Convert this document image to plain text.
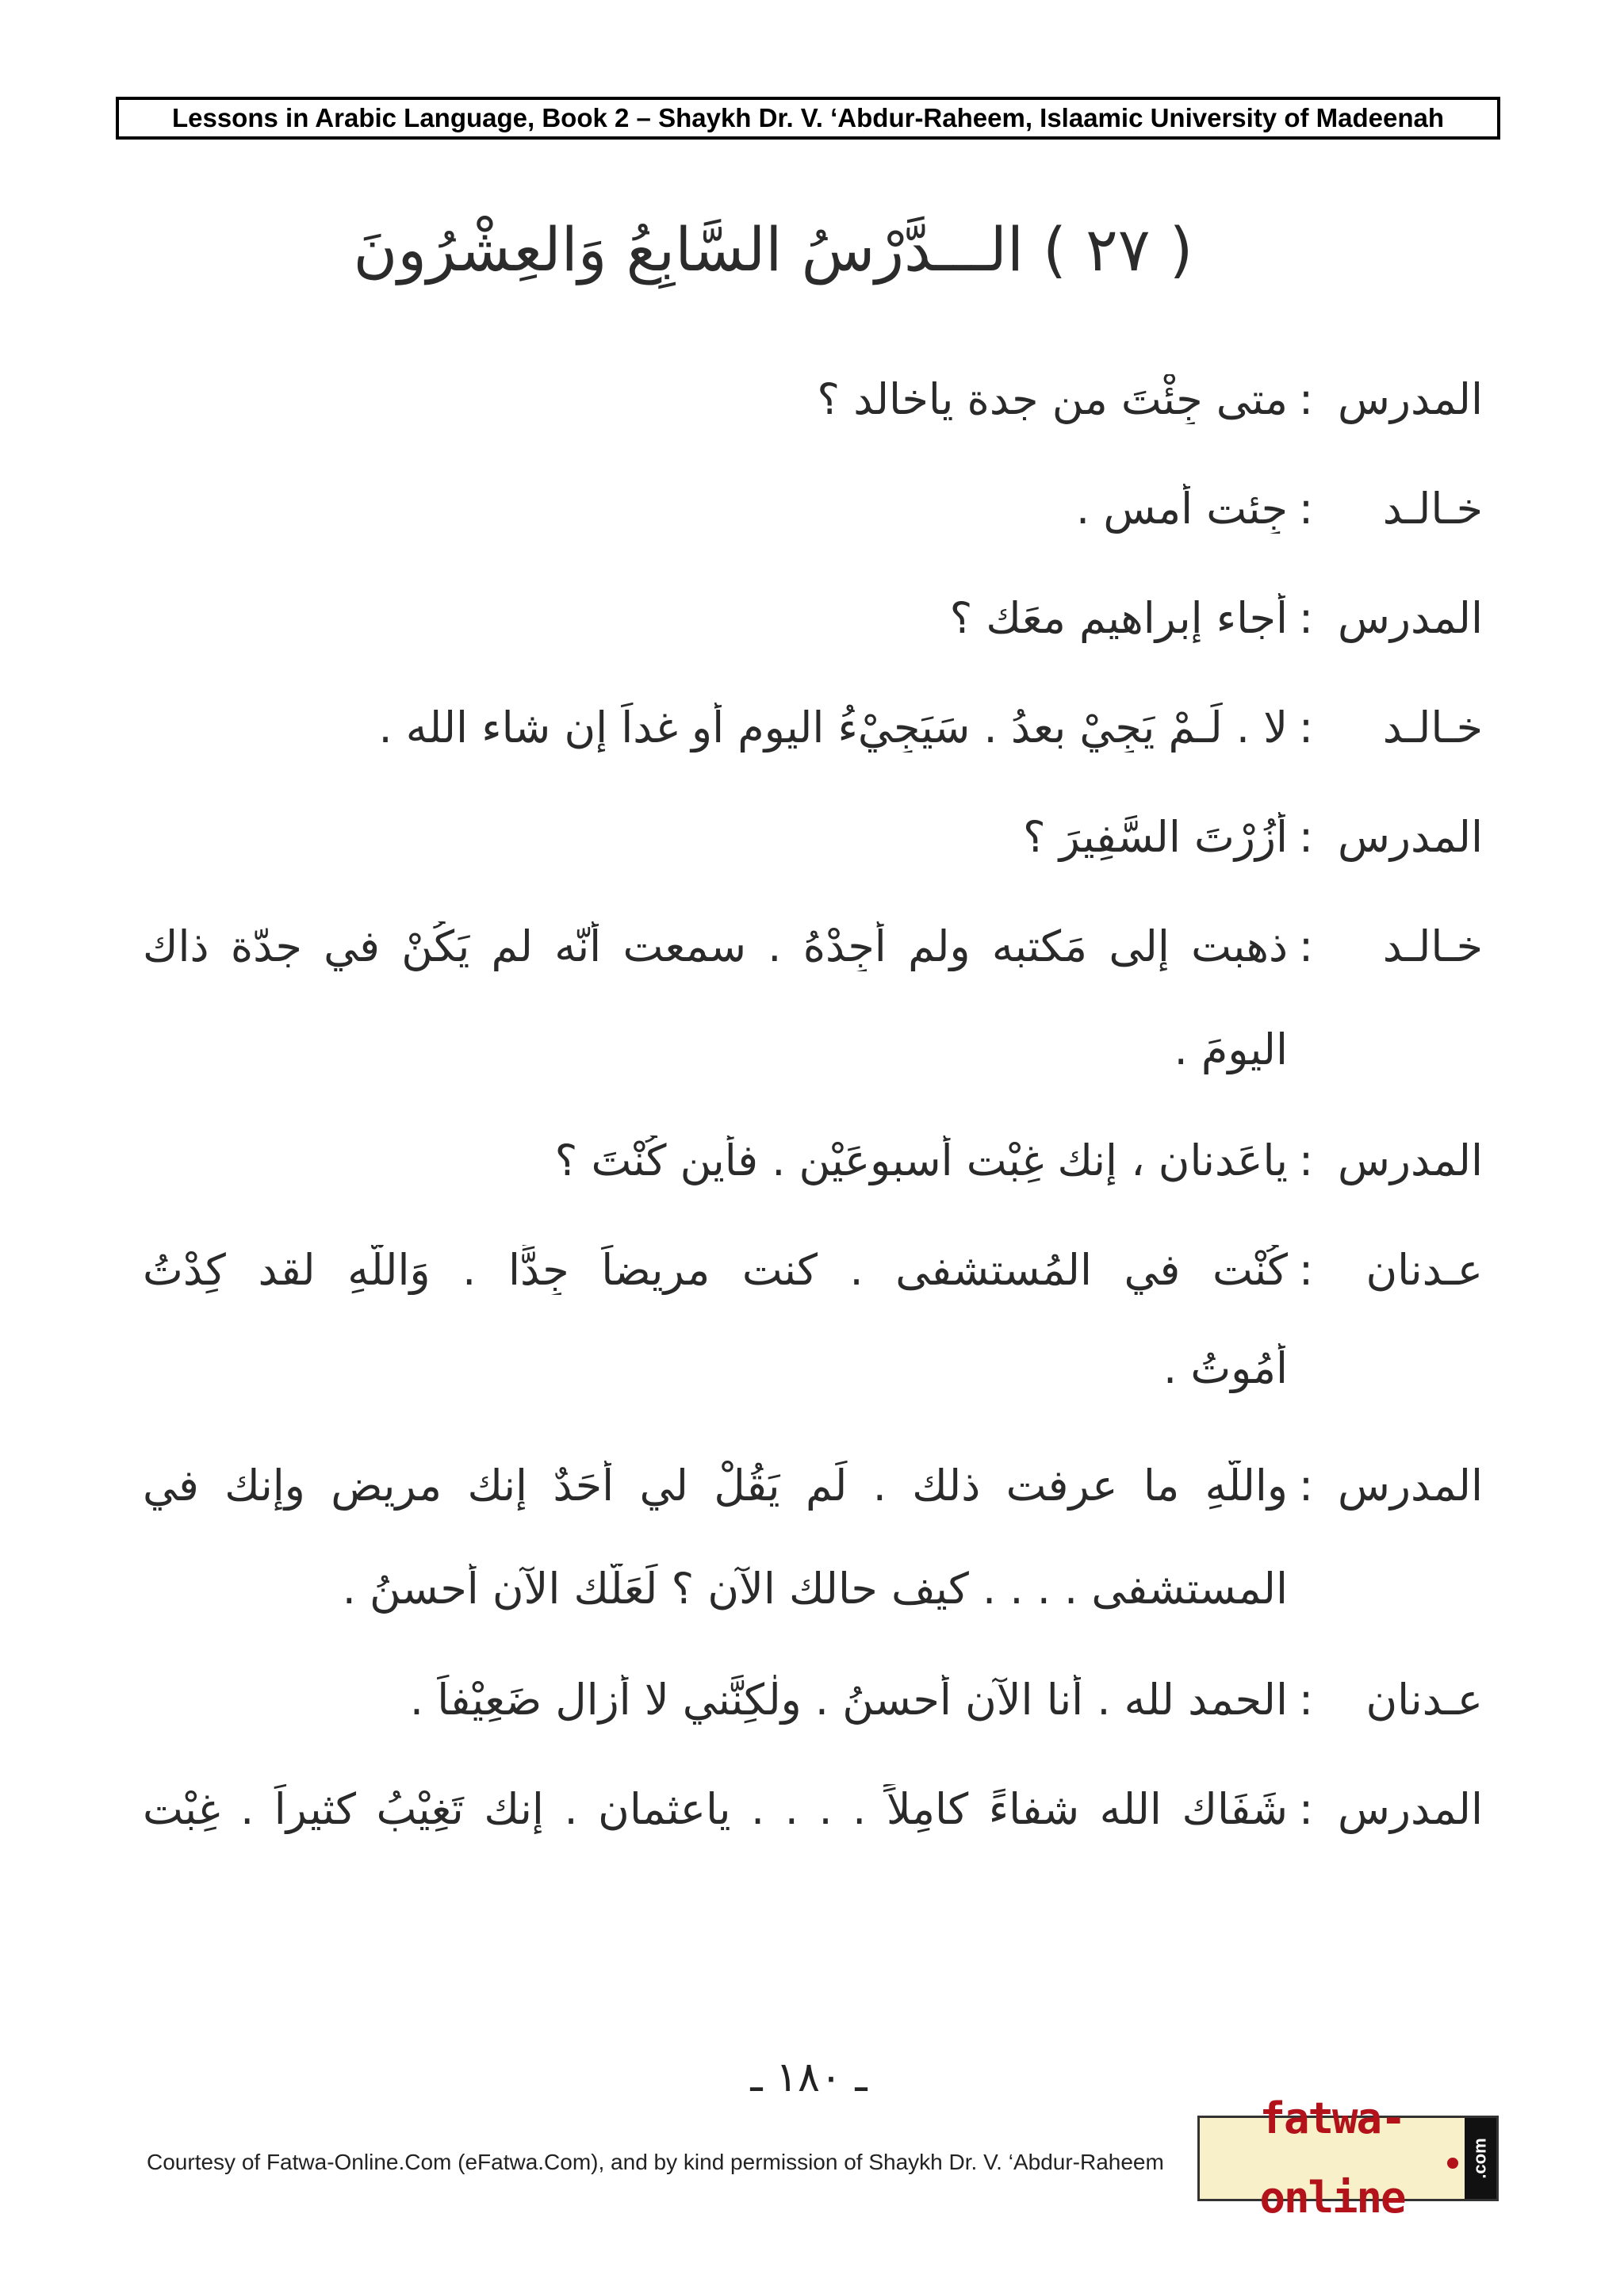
Lessons in Arabic Language, Book 2 – Shaykh Dr. V. ‘Abdur-Raheem, Islaamic University of Madeenah
( ٢٧ ) الـــدَّرْسُ السَّابِعُ وَالعِشْرُونَ
المدرس
:
متى جِئْتَ من جدة ياخالد ؟
خـالـد
:
جِئت أمس .
المدرس
:
أجاء إبراهيم معَك ؟
خـالـد
:
لا . لَـمْ يَجِيْ بعدُ . سَيَجِيْءُ اليوم أو غداً إن شاء الله .
المدرس
:
أزُرْتَ السَّفِيرَ ؟
خـالـد
:
ذهبت إلى مَكتبه ولم أَجِدْهُ . سمعت أنّه لم يَكُنْ في جدّة ذاك
اليومَ .
المدرس
:
ياعَدنان ، إنك غِبْت أُسبوعَيْن . فأين كُنْتَ ؟
عـدنان
:
كُنْت في المُستشفى . كنت مريضاً جِدًّا . وَاللّهِ لقد كِدْتُ
أَمُوتُ .
المدرس
:
واللّهِ ما عرفت ذلك . لَم يَقُلْ لي أَحَدٌ إنك مريض وإنك في
المستشفى . . . . كيف حالك الآن ؟ لَعَلَّك الآن أحسنُ .
عـدنان
:
الحمد لله . أنا الآن أحسنُ . ولٰكِنَّني لا أزال ضَعِيْفاً .
المدرس
:
شَفَاك الله شفاءً كامِلاً . . . . ياعثمان . إنك تَغِيْبُ كثيراً . غِبْت
ـ ١٨٠ ـ
Courtesy of Fatwa-Online.Com (eFatwa.Com), and by kind permission of Shaykh Dr. V. ‘Abdur-Raheem
fatwa-online
.com
